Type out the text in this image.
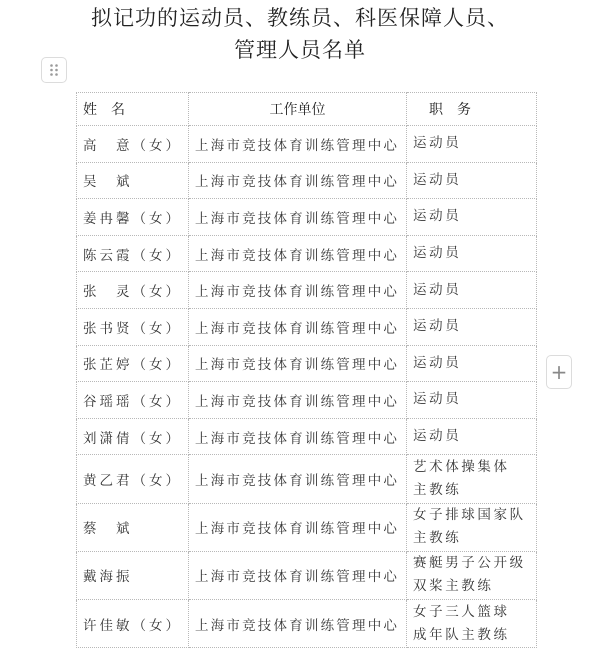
拟记功的运动员、教练员、科医保障人员、
管理人员名单
+
姓名	工作单位	职务
高　意（女）	上海市竞技体育训练管理中心	运动员

吴　斌	上海市竞技体育训练管理中心	运动员

姜冉馨（女）	上海市竞技体育训练管理中心	运动员

陈云霞（女）	上海市竞技体育训练管理中心	运动员

张　灵（女）	上海市竞技体育训练管理中心	运动员

张书贤（女）	上海市竞技体育训练管理中心	运动员

张芷婷（女）	上海市竞技体育训练管理中心	运动员

谷瑶瑶（女）	上海市竞技体育训练管理中心	运动员

刘潇倩（女）	上海市竞技体育训练管理中心	运动员

黄乙君（女）	上海市竞技体育训练管理中心	艺术体操集体
主教练

蔡　斌	上海市竞技体育训练管理中心	女子排球国家队
主教练

戴海振	上海市竞技体育训练管理中心	赛艇男子公开级
双桨主教练

许佳敏（女）	上海市竞技体育训练管理中心	女子三人篮球
成年队主教练
